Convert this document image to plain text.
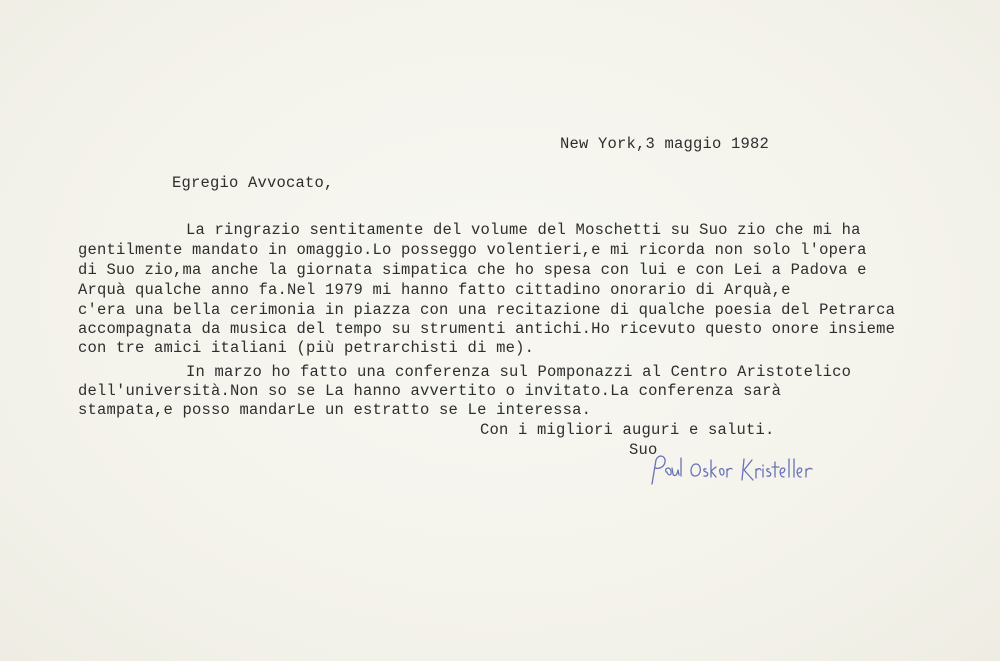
New York,3 maggio 1982
Egregio Avvocato,
La ringrazio sentitamente del volume del Moschetti su Suo zio che mi ha
gentilmente mandato in omaggio.Lo posseggo volentieri,e mi ricorda non solo l'opera
di Suo zio,ma anche la giornata simpatica che ho spesa con lui e con Lei a Padova e
Arquà qualche anno fa.Nel 1979 mi hanno fatto cittadino onorario di Arquà,e
c'era una bella cerimonia in piazza con una recitazione di qualche poesia del Petrarca
accompagnata da musica del tempo su strumenti antichi.Ho ricevuto questo onore insieme
con tre amici italiani (più petrarchisti di me).
In marzo ho fatto una conferenza sul Pomponazzi al Centro Aristotelico
dell'università.Non so se La hanno avvertito o invitato.La conferenza sarà
stampata,e posso mandarLe un estratto se Le interessa.
Con i migliori auguri e saluti.
Suo
